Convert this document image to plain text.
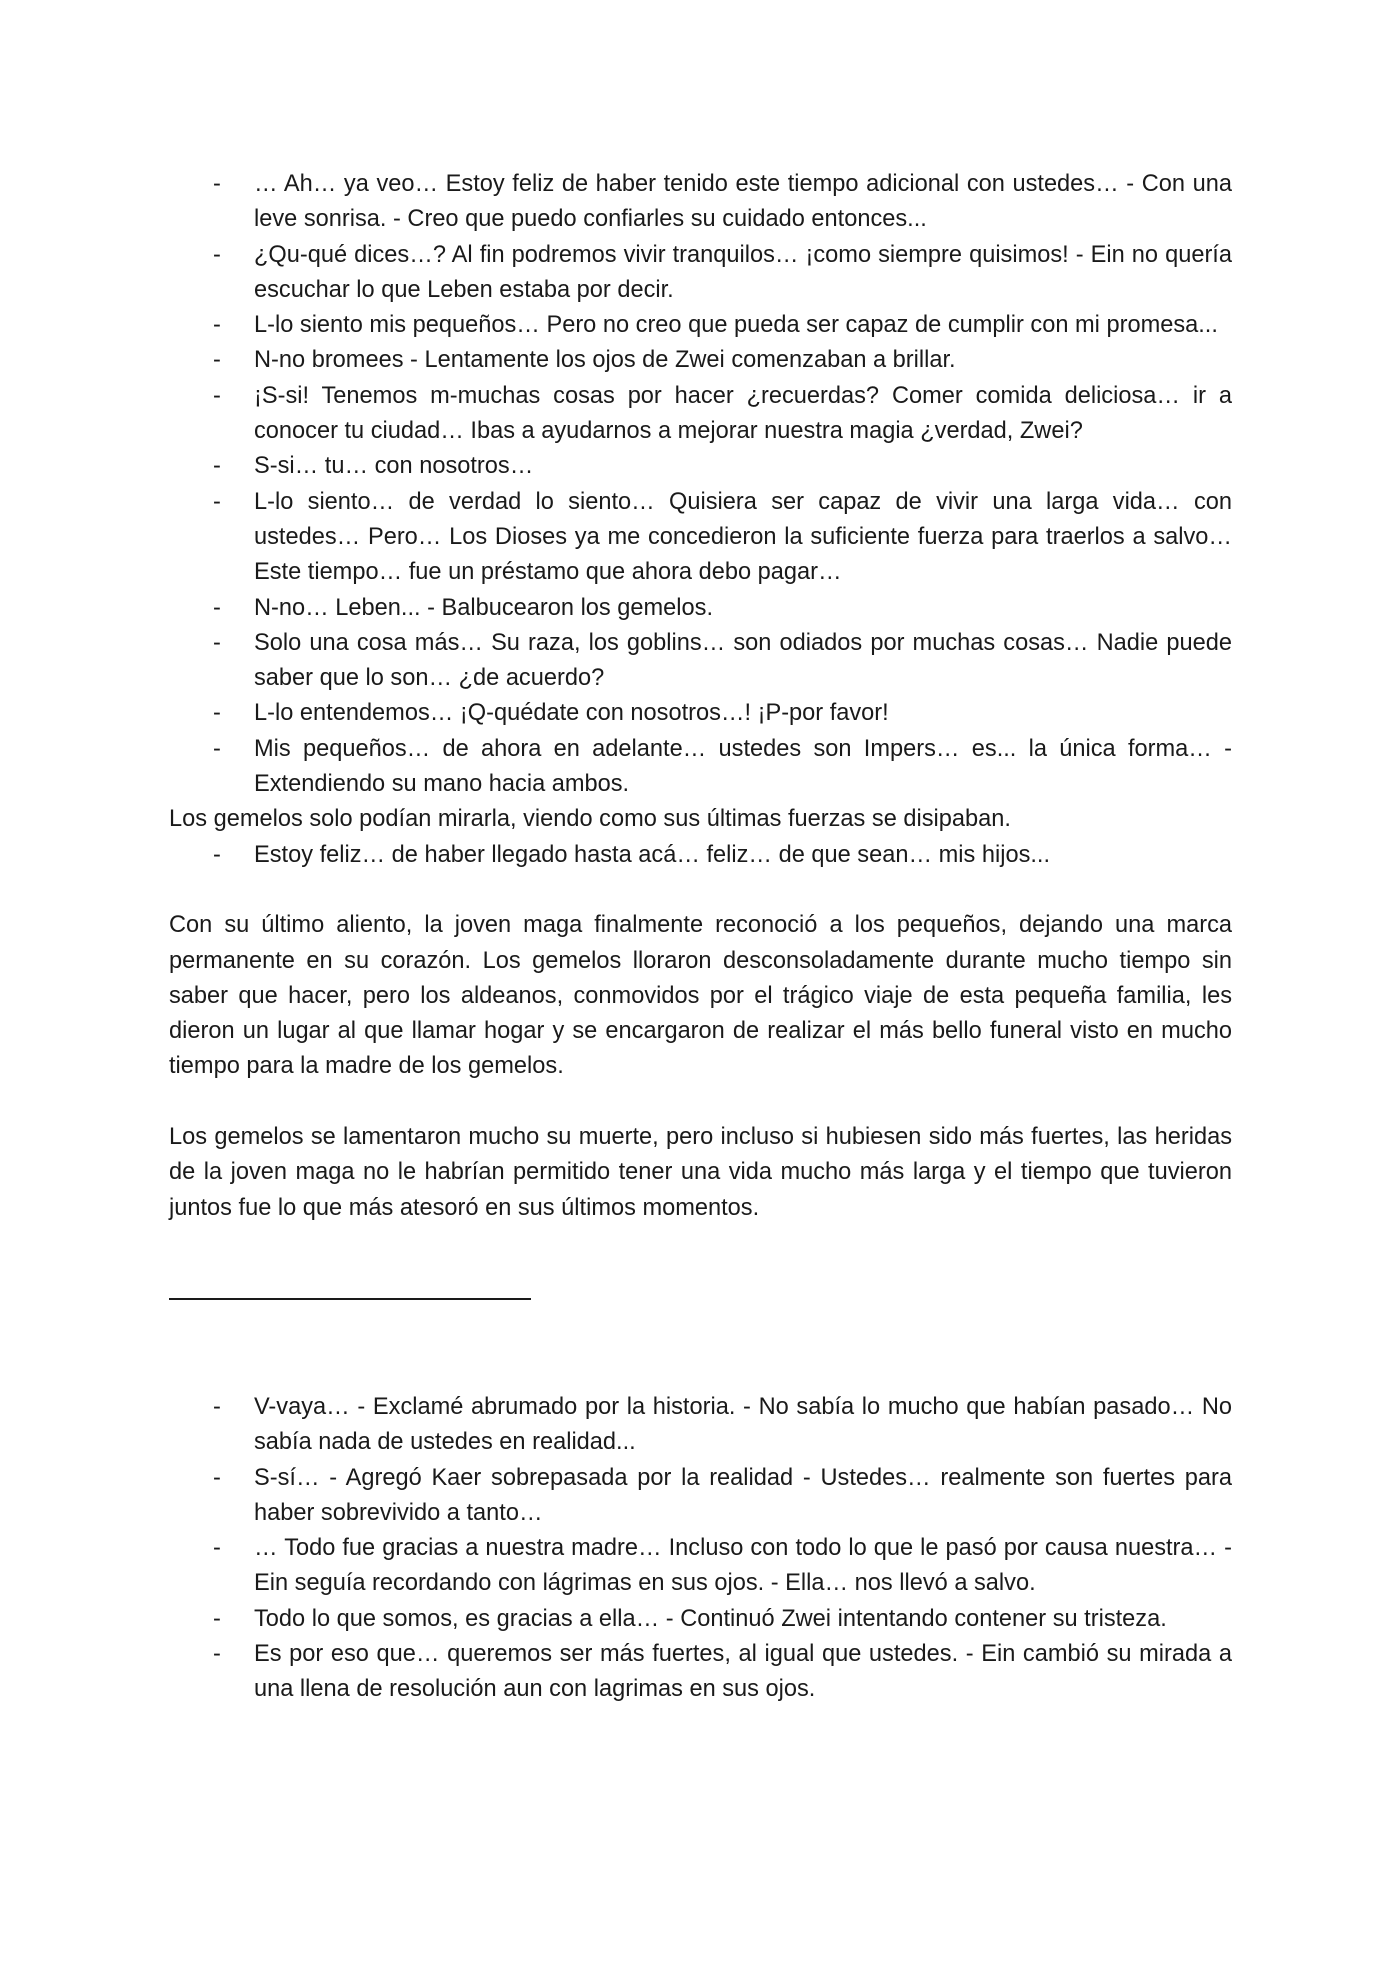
- … Ah… ya veo… Estoy feliz de haber tenido este tiempo adicional con ustedes… - Con una leve sonrisa. - Creo que puedo confiarles su cuidado entonces...
- ¿Qu-qué dices…? Al fin podremos vivir tranquilos… ¡como siempre quisimos! - Ein no quería escuchar lo que Leben estaba por decir.
- L-lo siento mis pequeños… Pero no creo que pueda ser capaz de cumplir con mi promesa...
- N-no bromees - Lentamente los ojos de Zwei comenzaban a brillar.
- ¡S-si! Tenemos m-muchas cosas por hacer ¿recuerdas? Comer comida deliciosa… ir a conocer tu ciudad… Ibas a ayudarnos a mejorar nuestra magia ¿verdad, Zwei?
- S-si… tu… con nosotros…
- L-lo siento… de verdad lo siento… Quisiera ser capaz de vivir una larga vida… con ustedes… Pero… Los Dioses ya me concedieron la suficiente fuerza para traerlos a salvo… Este tiempo… fue un préstamo que ahora debo pagar…
- N-no… Leben... - Balbucearon los gemelos.
- Solo una cosa más… Su raza, los goblins… son odiados por muchas cosas… Nadie puede saber que lo son… ¿de acuerdo?
- L-lo entendemos… ¡Q-quédate con nosotros…! ¡P-por favor!
- Mis pequeños… de ahora en adelante… ustedes son Impers… es... la única forma… - Extendiendo su mano hacia ambos.

Los gemelos solo podían mirarla, viendo como sus últimas fuerzas se disipaban.

- Estoy feliz… de haber llegado hasta acá… feliz… de que sean… mis hijos...

Con su último aliento, la joven maga finalmente reconoció a los pequeños, dejando una marca permanente en su corazón. Los gemelos lloraron desconsoladamente durante mucho tiempo sin saber que hacer, pero los aldeanos, conmovidos por el trágico viaje de esta pequeña familia, les dieron un lugar al que llamar hogar y se encargaron de realizar el más bello funeral visto en mucho tiempo para la madre de los gemelos.

Los gemelos se lamentaron mucho su muerte, pero incluso si hubiesen sido más fuertes, las heridas de la joven maga no le habrían permitido tener una vida mucho más larga y el tiempo que tuvieron juntos fue lo que más atesoró en sus últimos momentos.

- V-vaya… - Exclamé abrumado por la historia. - No sabía lo mucho que habían pasado… No sabía nada de ustedes en realidad...
- S-sí… - Agregó Kaer sobrepasada por la realidad - Ustedes… realmente son fuertes para haber sobrevivido a tanto…
- … Todo fue gracias a nuestra madre… Incluso con todo lo que le pasó por causa nuestra… - Ein seguía recordando con lágrimas en sus ojos. - Ella… nos llevó a salvo.
- Todo lo que somos, es gracias a ella… - Continuó Zwei intentando contener su tristeza.
- Es por eso que… queremos ser más fuertes, al igual que ustedes. - Ein cambió su mirada a una llena de resolución aun con lagrimas en sus ojos.
